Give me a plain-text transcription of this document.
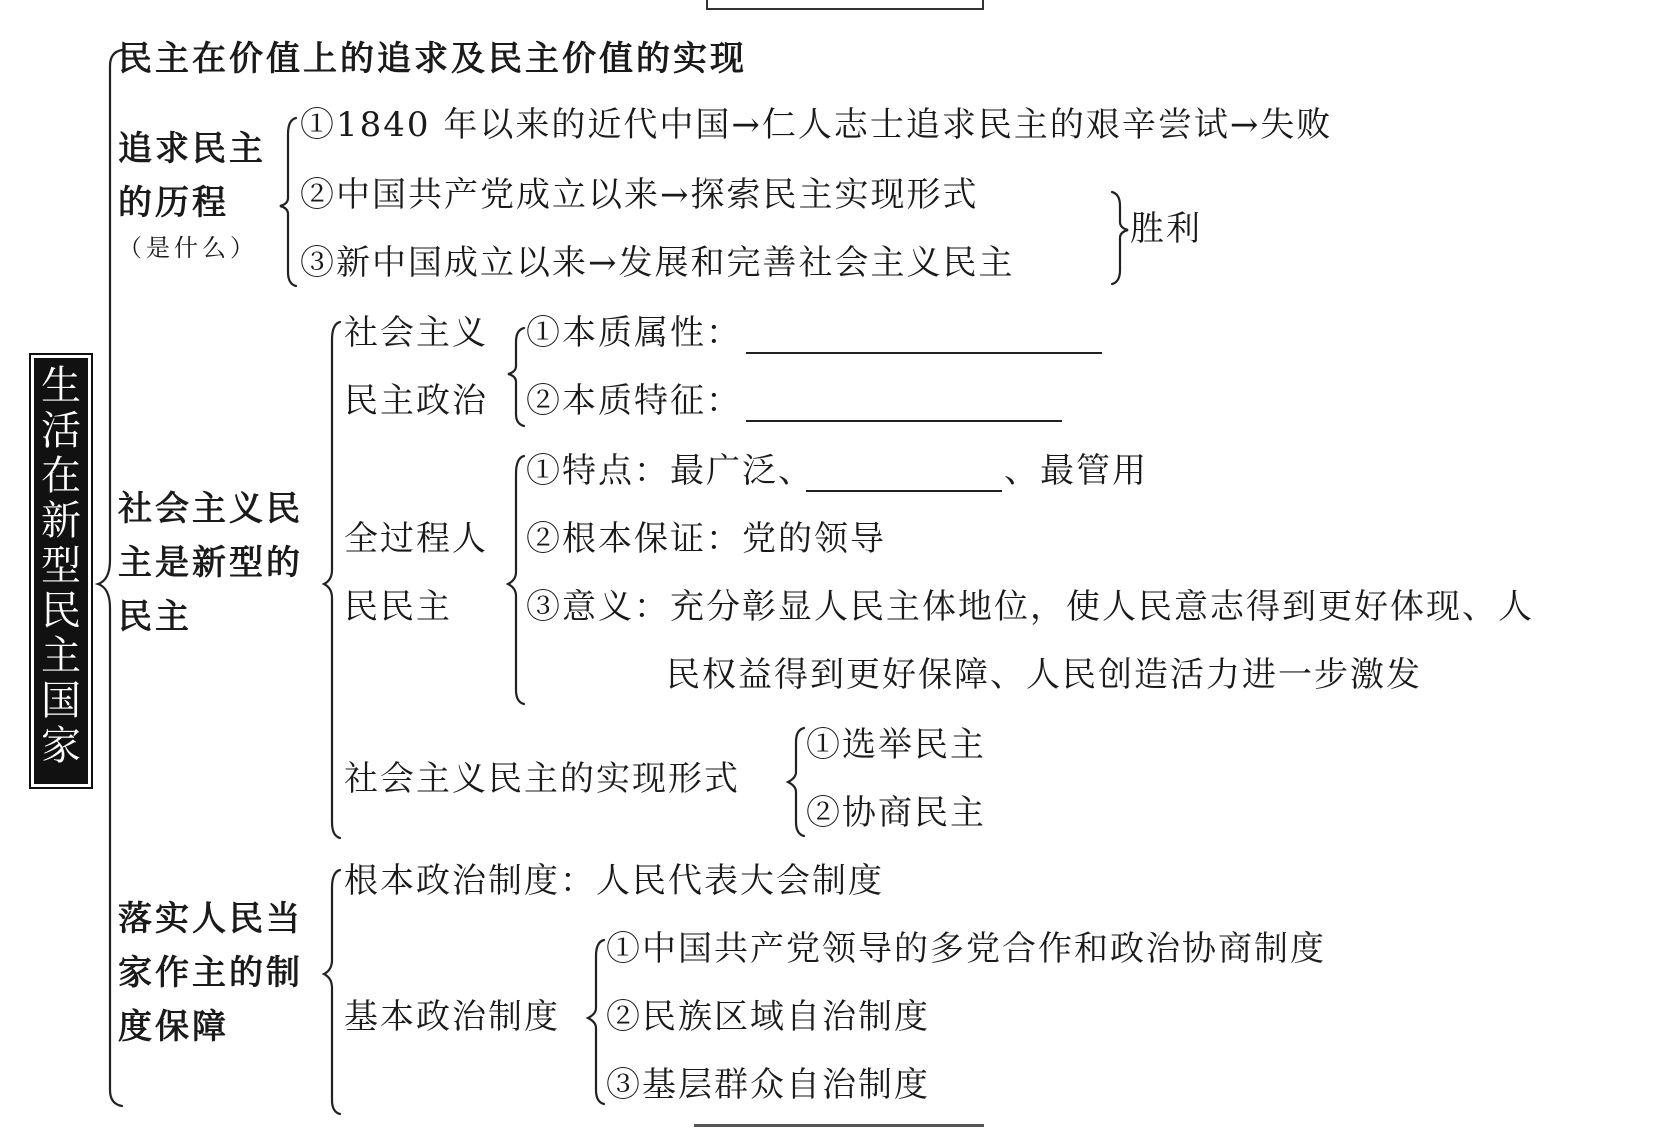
生活在新型民主国家
民主在价值上的追求及民主价值的实现
追求民主
的历程
（是什么）
①1840 年以来的近代中国→仁人志士追求民主的艰辛尝试→失败
②中国共产党成立以来→探索民主实现形式
③新中国成立以来→发展和完善社会主义民主
胜利
社会主义民
主是新型的
民主
社会主义
民主政治
①本质属性：
②本质特征：
全过程人
民民主
①特点：最广泛、	、最管用
②根本保证：党的领导
③意义：充分彰显人民主体地位，使人民意志得到更好体现、人
民权益得到更好保障、人民创造活力进一步激发
社会主义民主的实现形式
①选举民主
②协商民主
落实人民当
家作主的制
度保障
根本政治制度：人民代表大会制度
基本政治制度
①中国共产党领导的多党合作和政治协商制度
②民族区域自治制度
③基层群众自治制度
